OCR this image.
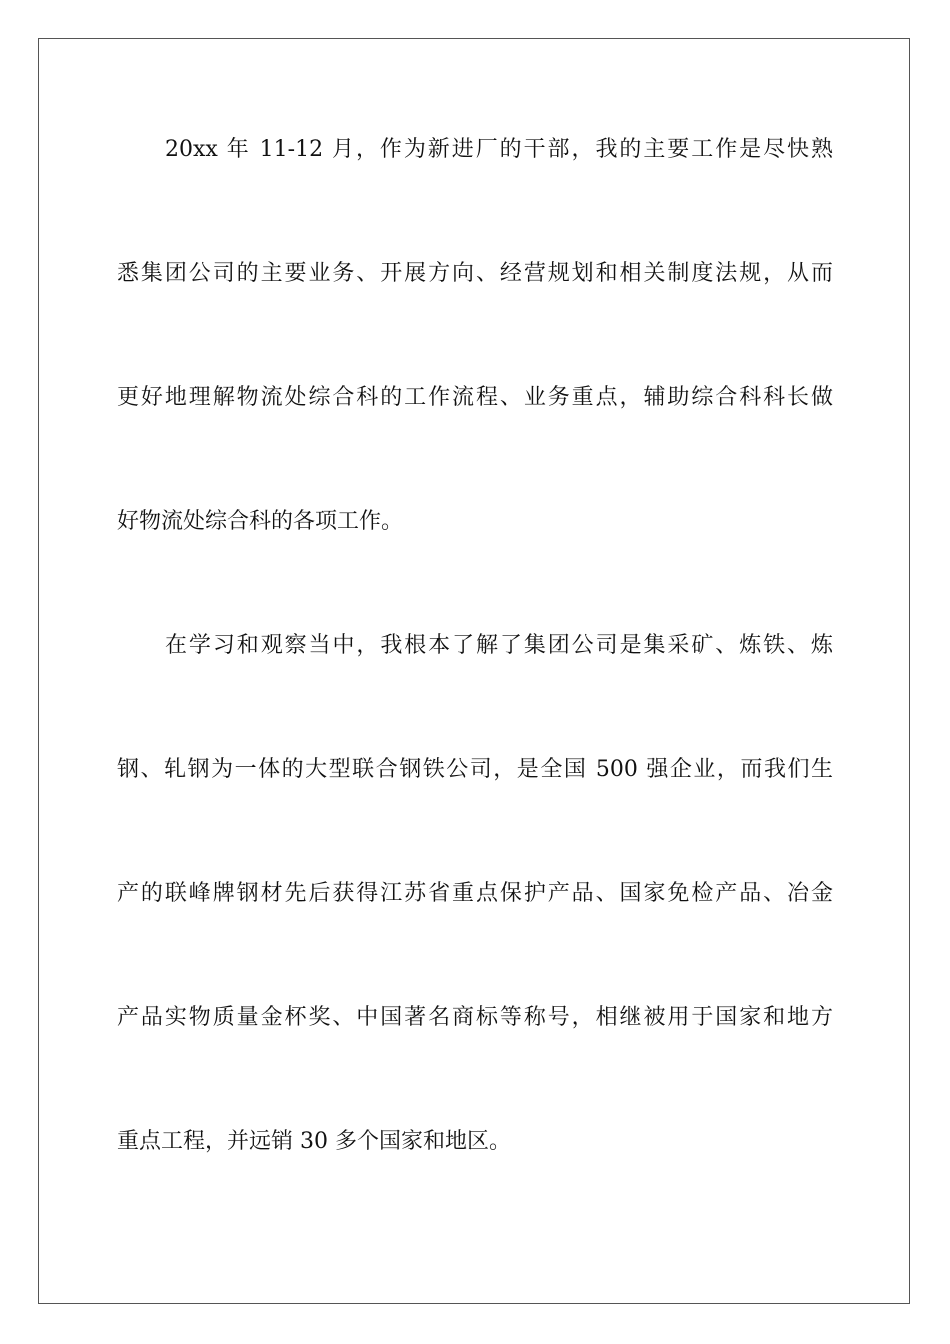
20xx 年 11-12 月，作为新进厂的干部，我的主要工作是尽快熟
悉集团公司的主要业务、开展方向、经营规划和相关制度法规，从而
更好地理解物流处综合科的工作流程、业务重点，辅助综合科科长做
好物流处综合科的各项工作。
在学习和观察当中，我根本了解了集团公司是集采矿、炼铁、炼
钢、轧钢为一体的大型联合钢铁公司，是全国 500 强企业，而我们生
产的联峰牌钢材先后获得江苏省重点保护产品、国家免检产品、冶金
产品实物质量金杯奖、中国著名商标等称号，相继被用于国家和地方
重点工程，并远销 30 多个国家和地区。
